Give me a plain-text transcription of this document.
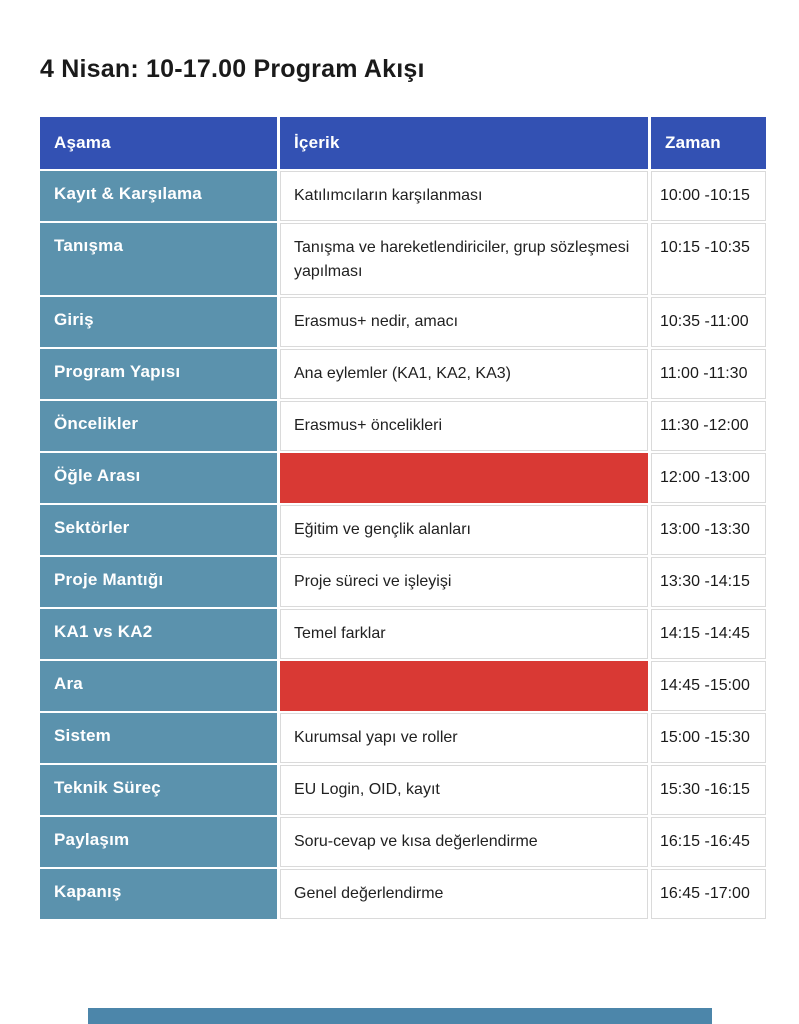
4 Nisan: 10-17.00 Program Akışı
Aşama	İçerik	Zaman
Kayıt & Karşılama	Katılımcıların karşılanması	10:00 -10:15
Tanışma	Tanışma ve hareketlendiriciler, grup sözleşmesi yapılması	10:15 -10:35
Giriş	Erasmus+ nedir, amacı	10:35 -11:00
Program Yapısı	Ana eylemler (KA1, KA2, KA3)	11:00 -11:30
Öncelikler	Erasmus+ öncelikleri	11:30 -12:00
Öğle Arası		12:00 -13:00
Sektörler	Eğitim ve gençlik alanları	13:00 -13:30
Proje Mantığı	Proje süreci ve işleyişi	13:30 -14:15
KA1 vs KA2	Temel farklar	14:15 -14:45
Ara		14:45 -15:00
Sistem	Kurumsal yapı ve roller	15:00 -15:30
Teknik Süreç	EU Login, OID, kayıt	15:30 -16:15
Paylaşım	Soru-cevap ve kısa değerlendirme	16:15 -16:45
Kapanış	Genel değerlendirme	16:45 -17:00
